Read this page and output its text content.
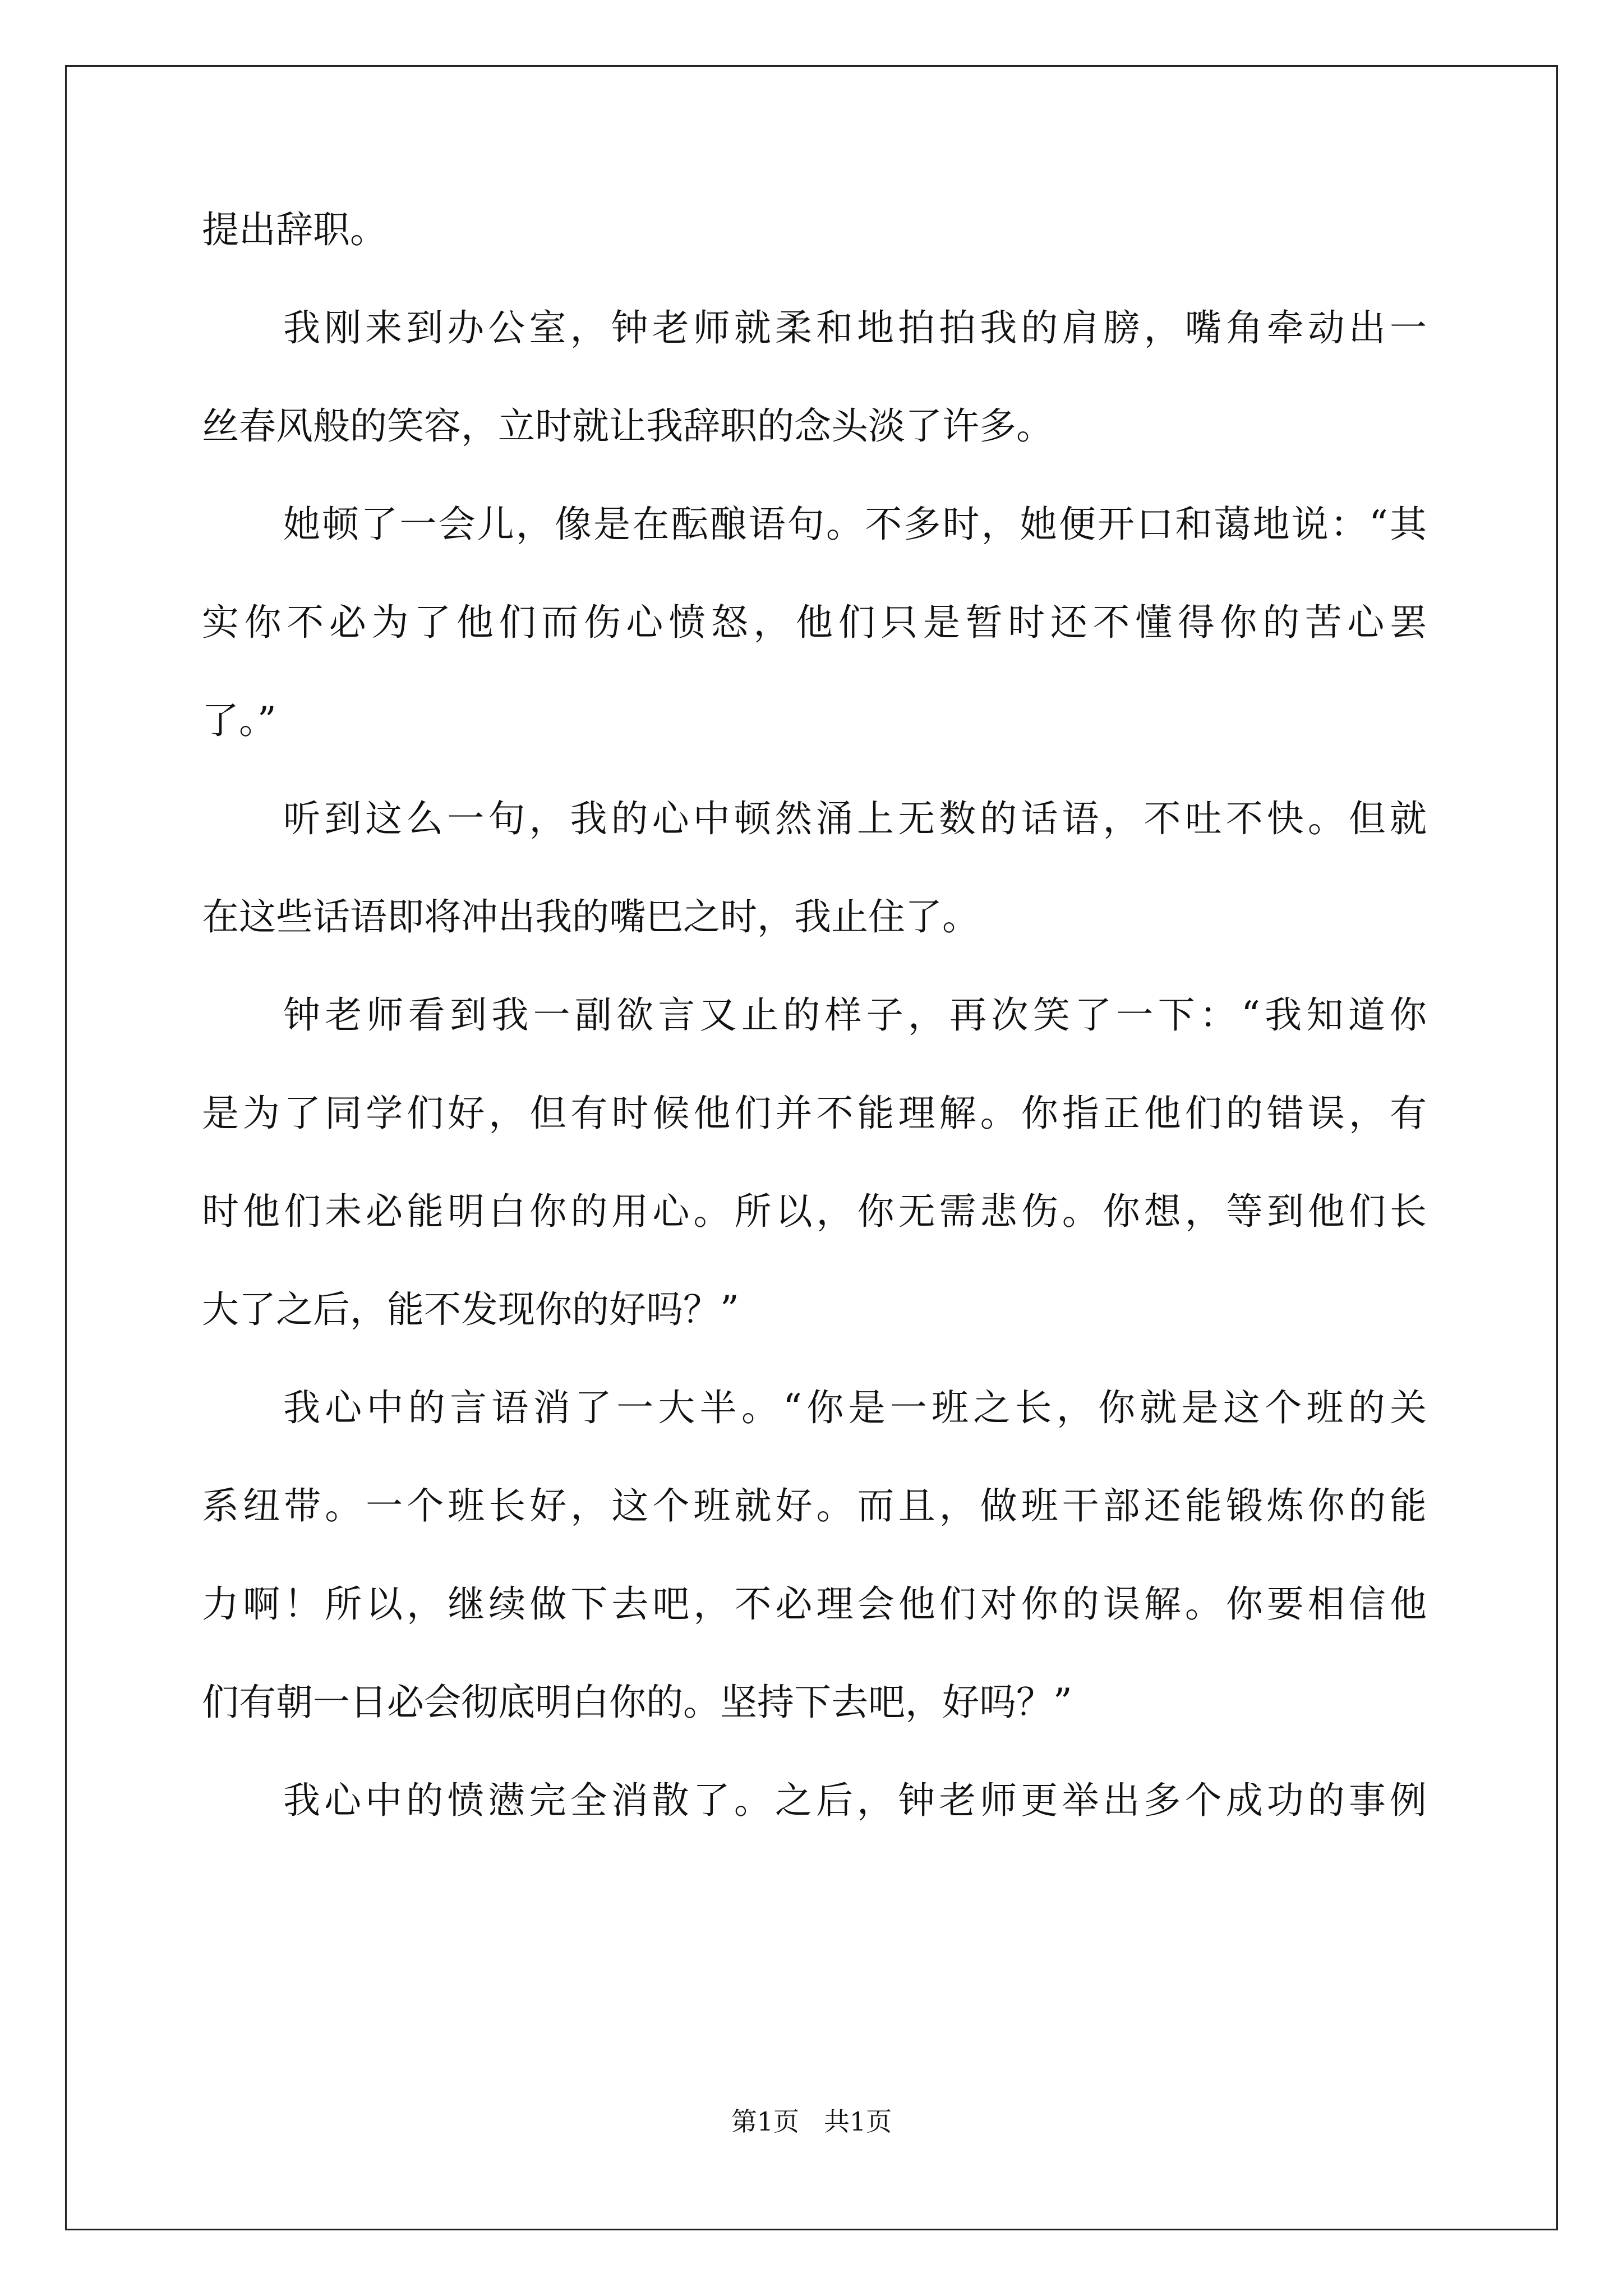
提出辞职。
我刚来到办公室，钟老师就柔和地拍拍我的肩膀，嘴角牵动出一
丝春风般的笑容，立时就让我辞职的念头淡了许多。
她顿了一会儿，像是在酝酿语句。不多时，她便开口和蔼地说：“其
实你不必为了他们而伤心愤怒，他们只是暂时还不懂得你的苦心罢
了。”
听到这么一句，我的心中顿然涌上无数的话语，不吐不快。但就
在这些话语即将冲出我的嘴巴之时，我止住了。
钟老师看到我一副欲言又止的样子，再次笑了一下：“我知道你
是为了同学们好，但有时候他们并不能理解。你指正他们的错误，有
时他们未必能明白你的用心。所以，你无需悲伤。你想，等到他们长
大了之后，能不发现你的好吗？”
我心中的言语消了一大半。“你是一班之长，你就是这个班的关
系纽带。一个班长好，这个班就好。而且，做班干部还能锻炼你的能
力啊！所以，继续做下去吧，不必理会他们对你的误解。你要相信他
们有朝一日必会彻底明白你的。坚持下去吧，好吗？”
我心中的愤懑完全消散了。之后，钟老师更举出多个成功的事例
第1页 共1页
